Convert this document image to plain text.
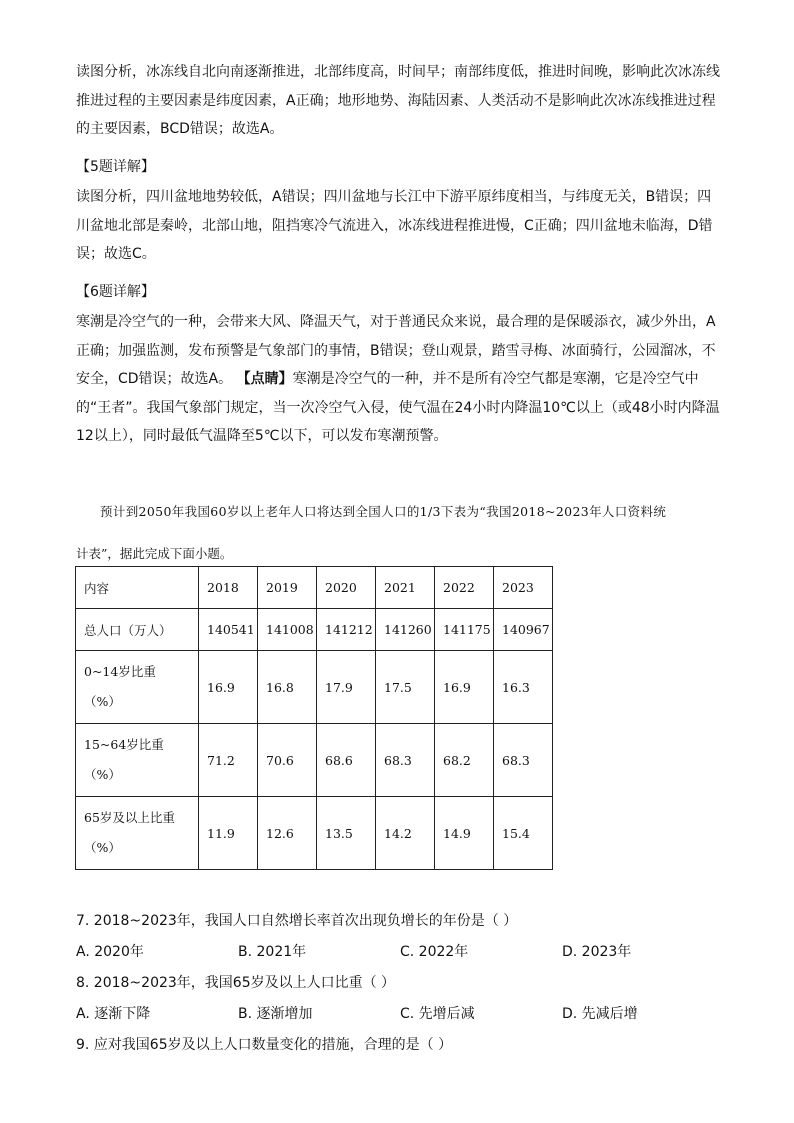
读图分析，冰冻线自北向南逐渐推进，北部纬度高，时间早；南部纬度低，推进时间晚，影响此次冰冻线推进过程的主要因素是纬度因素，A正确；地形地势、海陆因素、人类活动不是影响此次冰冻线推进过程的主要因素，BCD错误；故选A。

【5题详解】

读图分析，四川盆地地势较低，A错误；四川盆地与长江中下游平原纬度相当，与纬度无关，B错误；四川盆地北部是秦岭，北部山地，阻挡寒冷气流进入，冰冻线进程推进慢，C正确；四川盆地未临海，D错误；故选C。

【6题详解】

寒潮是冷空气的一种，会带来大风、降温天气，对于普通民众来说，最合理的是保暖添衣，减少外出，A正确；加强监测，发布预警是气象部门的事情，B错误；登山观景，踏雪寻梅、冰面骑行，公园溜冰，不安全，CD错误；故选A。 【点睛】寒潮是冷空气的一种，并不是所有冷空气都是寒潮，它是冷空气中的“王者”。我国气象部门规定，当一次冷空气入侵，使气温在24小时内降温10℃以上（或48小时内降温12以上），同时最低气温降至5℃以下，可以发布寒潮预警。

预计到2050年我国60岁以上老年人口将达到全国人口的1/3下表为“我国2018~2023年人口资料统
计表”，据此完成下面小题。
内容	2018	2019	2020	2021	2022	2023
总人口（万人）	140541	141008	141212	141260	141175	140967
0~14岁比重（%）	16.9	16.8	17.9	17.5	16.9	16.3
15~64岁比重（%）	71.2	70.6	68.6	68.3	68.2	68.3
65岁及以上比重（%）	11.9	12.6	13.5	14.2	14.9	15.4

7. 2018~2023年，我国人口自然增长率首次出现负增长的年份是（ ）

A. 2020年	B. 2021年	C. 2022年	D. 2023年

8. 2018~2023年，我国65岁及以上人口比重（ ）

A. 逐渐下降	B. 逐渐增加	C. 先增后减	D. 先减后增

9. 应对我国65岁及以上人口数量变化的措施，合理的是（ ）
